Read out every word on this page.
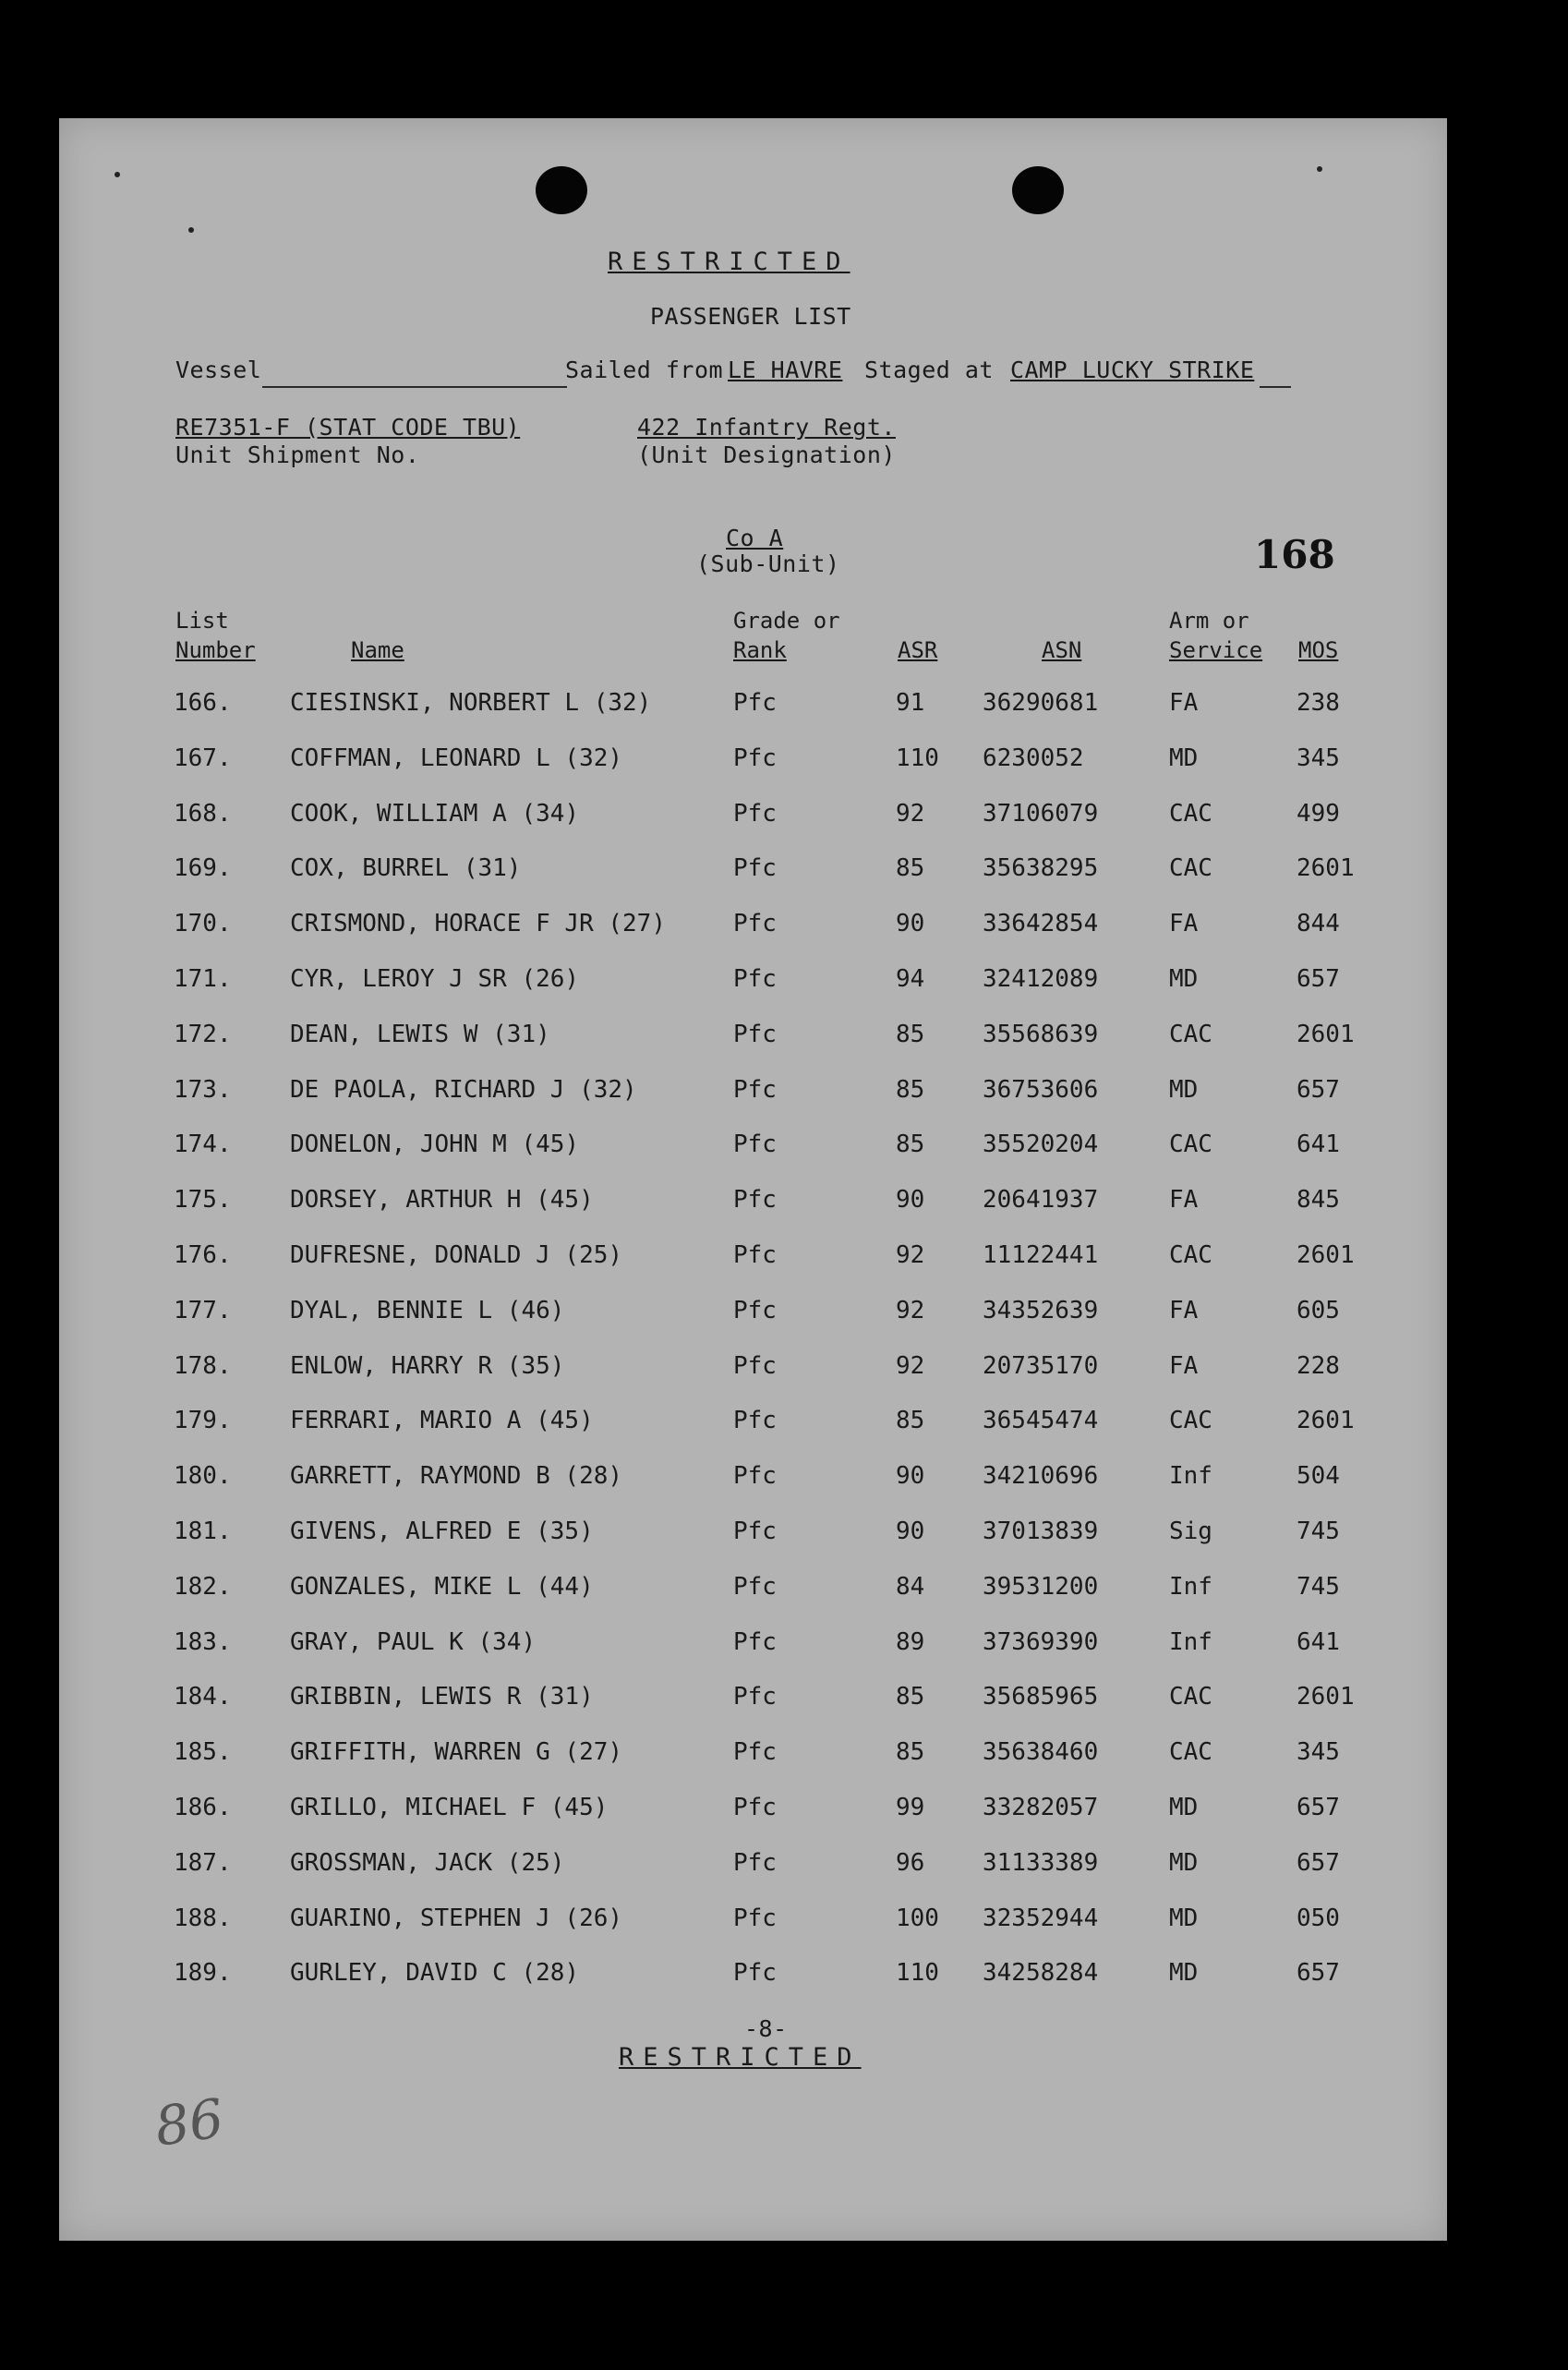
RESTRICTED
PASSENGER LIST
Vessel	Sailed from LE HAVRE Staged at CAMP LUCKY STRIKE
RE7351-F (STAT CODE TBU)
Unit Shipment No.
422 Infantry Regt.
(Unit Designation)
Co A
(Sub-Unit)	168
List
Number	Name
Grade or
Rank	ASR	ASN
Arm or
Service MOS
166. CIESINSKI, NORBERT L (32)	Pfc	91 36290681	FA	238
167. COFFMAN, LEONARD L (32)	Pfc	110 6230052	MD	345
168. COOK, WILLIAM A (34)	Pfc	92 37106079	CAC	499
169. COX, BURREL (31)	Pfc	85 35638295	CAC	2601
170. CRISMOND, HORACE F JR (27)	Pfc	90 33642854	FA	844
171. CYR, LEROY J SR (26)	Pfc	94 32412089	MD	657
172. DEAN, LEWIS W (31)	Pfc	85 35568639	CAC	2601
173. DE PAOLA, RICHARD J (32)	Pfc	85 36753606	MD	657
174. DONELON, JOHN M (45)	Pfc	85 35520204	CAC	641
175. DORSEY, ARTHUR H (45)	Pfc	90 20641937	FA	845
176. DUFRESNE, DONALD J (25)	Pfc	92 11122441	CAC	2601
177. DYAL, BENNIE L (46)	Pfc	92 34352639	FA	605
178. ENLOW, HARRY R (35)	Pfc	92 20735170	FA	228
179. FERRARI, MARIO A (45)	Pfc	85 36545474	CAC	2601
180. GARRETT, RAYMOND B (28)	Pfc	90 34210696	Inf	504
181. GIVENS, ALFRED E (35)	Pfc	90 37013839	Sig	745
182. GONZALES, MIKE L (44)	Pfc	84 39531200	Inf	745
183. GRAY, PAUL K (34)	Pfc	89 37369390	Inf	641
184. GRIBBIN, LEWIS R (31)	Pfc	85 35685965	CAC	2601
185. GRIFFITH, WARREN G (27)	Pfc	85 35638460	CAC	345
186. GRILLO, MICHAEL F (45)	Pfc	99 33282057	MD	657
187. GROSSMAN, JACK (25)	Pfc	96 31133389	MD	657
188. GUARINO, STEPHEN J (26)	Pfc	100 32352944	MD	050
189. GURLEY, DAVID C (28)	Pfc	110 34258284	MD	657
-8-
RESTRICTED
86
